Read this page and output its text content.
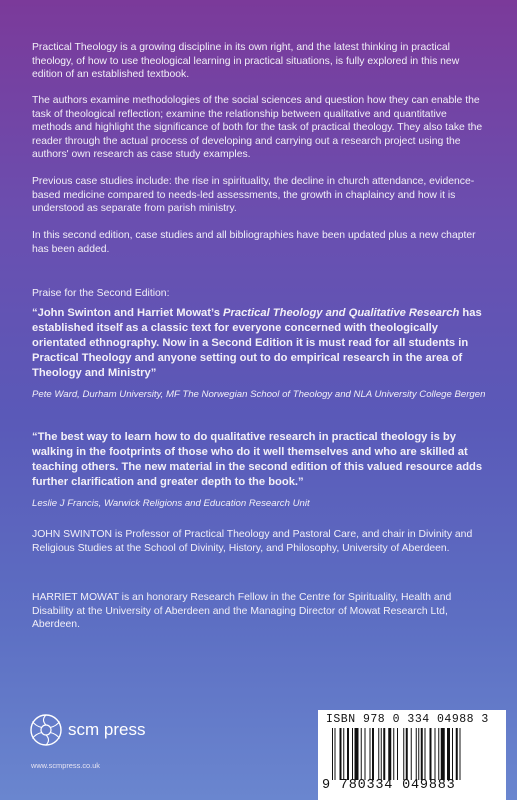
Practical Theology is a growing discipline in its own right, and the latest thinking in practical theology, of how to use theological learning in practical situations, is fully explored in this new edition of an established textbook.

The authors examine methodologies of the social sciences and question how they can enable the task of theological reflection; examine the relationship between qualitative and quantitative methods and highlight the significance of both for the task of practical theology. They also take the reader through the actual process of developing and carrying out a research project using the authors' own research as case study examples.

Previous case studies include: the rise in spirituality, the decline in church attendance, evidence-based medicine compared to needs-led assessments, the growth in chaplaincy and how it is understood as separate from parish ministry.

In this second edition, case studies and all bibliographies have been updated plus a new chapter has been added.

Praise for the Second Edition:

“John Swinton and Harriet Mowat’s Practical Theology and Qualitative Research has established itself as a classic text for everyone concerned with theologically orientated ethnography. Now in a Second Edition it is must read for all students in Practical Theology and anyone setting out to do empirical research in the area of Theology and Ministry”

Pete Ward, Durham University, MF The Norwegian School of Theology and NLA University College Bergen

“The best way to learn how to do qualitative research in practical theology is by walking in the footprints of those who do it well themselves and who are skilled at teaching others. The new material in the second edition of this valued resource adds further clarification and greater depth to the book.”

Leslie J Francis, Warwick Religions and Education Research Unit

JOHN SWINTON is Professor of Practical Theology and Pastoral Care, and chair in Divinity and Religious Studies at the School of Divinity, History, and Philosophy, University of Aberdeen.

HARRIET MOWAT is an honorary Research Fellow in the Centre for Spirituality, Health and Disability at the University of Aberdeen and the Managing Director of Mowat Research Ltd, Aberdeen.

scm press
www.scmpress.co.uk
ISBN 978 0 334 04988 3
9 780334 049883
